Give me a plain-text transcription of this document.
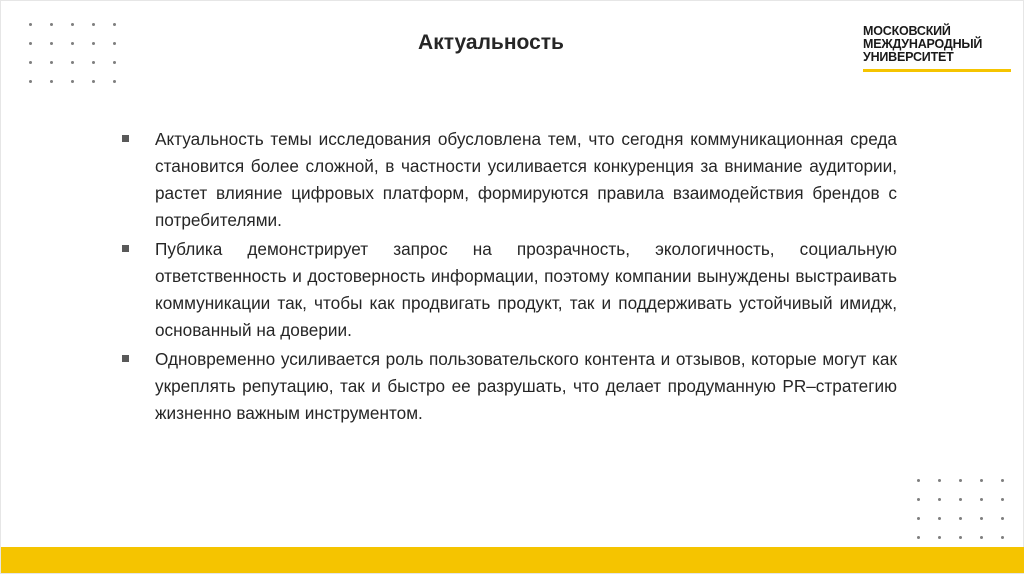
Актуальность	МОСКОВСКИЙ
МЕЖДУНАРОДНЫЙ
УНИВЕРСИТЕТ
Актуальность темы исследования обусловлена тем, что сегодня коммуникационная среда становится более сложной, в частности усиливается конкуренция за внимание аудитории, растет влияние цифровых платформ, формируются правила взаимодействия брендов с потребителями.
Публика демонстрирует запрос на прозрачность, экологичность, социальную ответственность и достоверность информации, поэтому компании вынуждены выстраивать коммуникации так, чтобы как продвигать продукт, так и поддерживать устойчивый имидж, основанный на доверии.
Одновременно усиливается роль пользовательского контента и отзывов, которые могут как укреплять репутацию, так и быстро ее разрушать, что делает продуманную PR–стратегию жизненно важным инструментом.
